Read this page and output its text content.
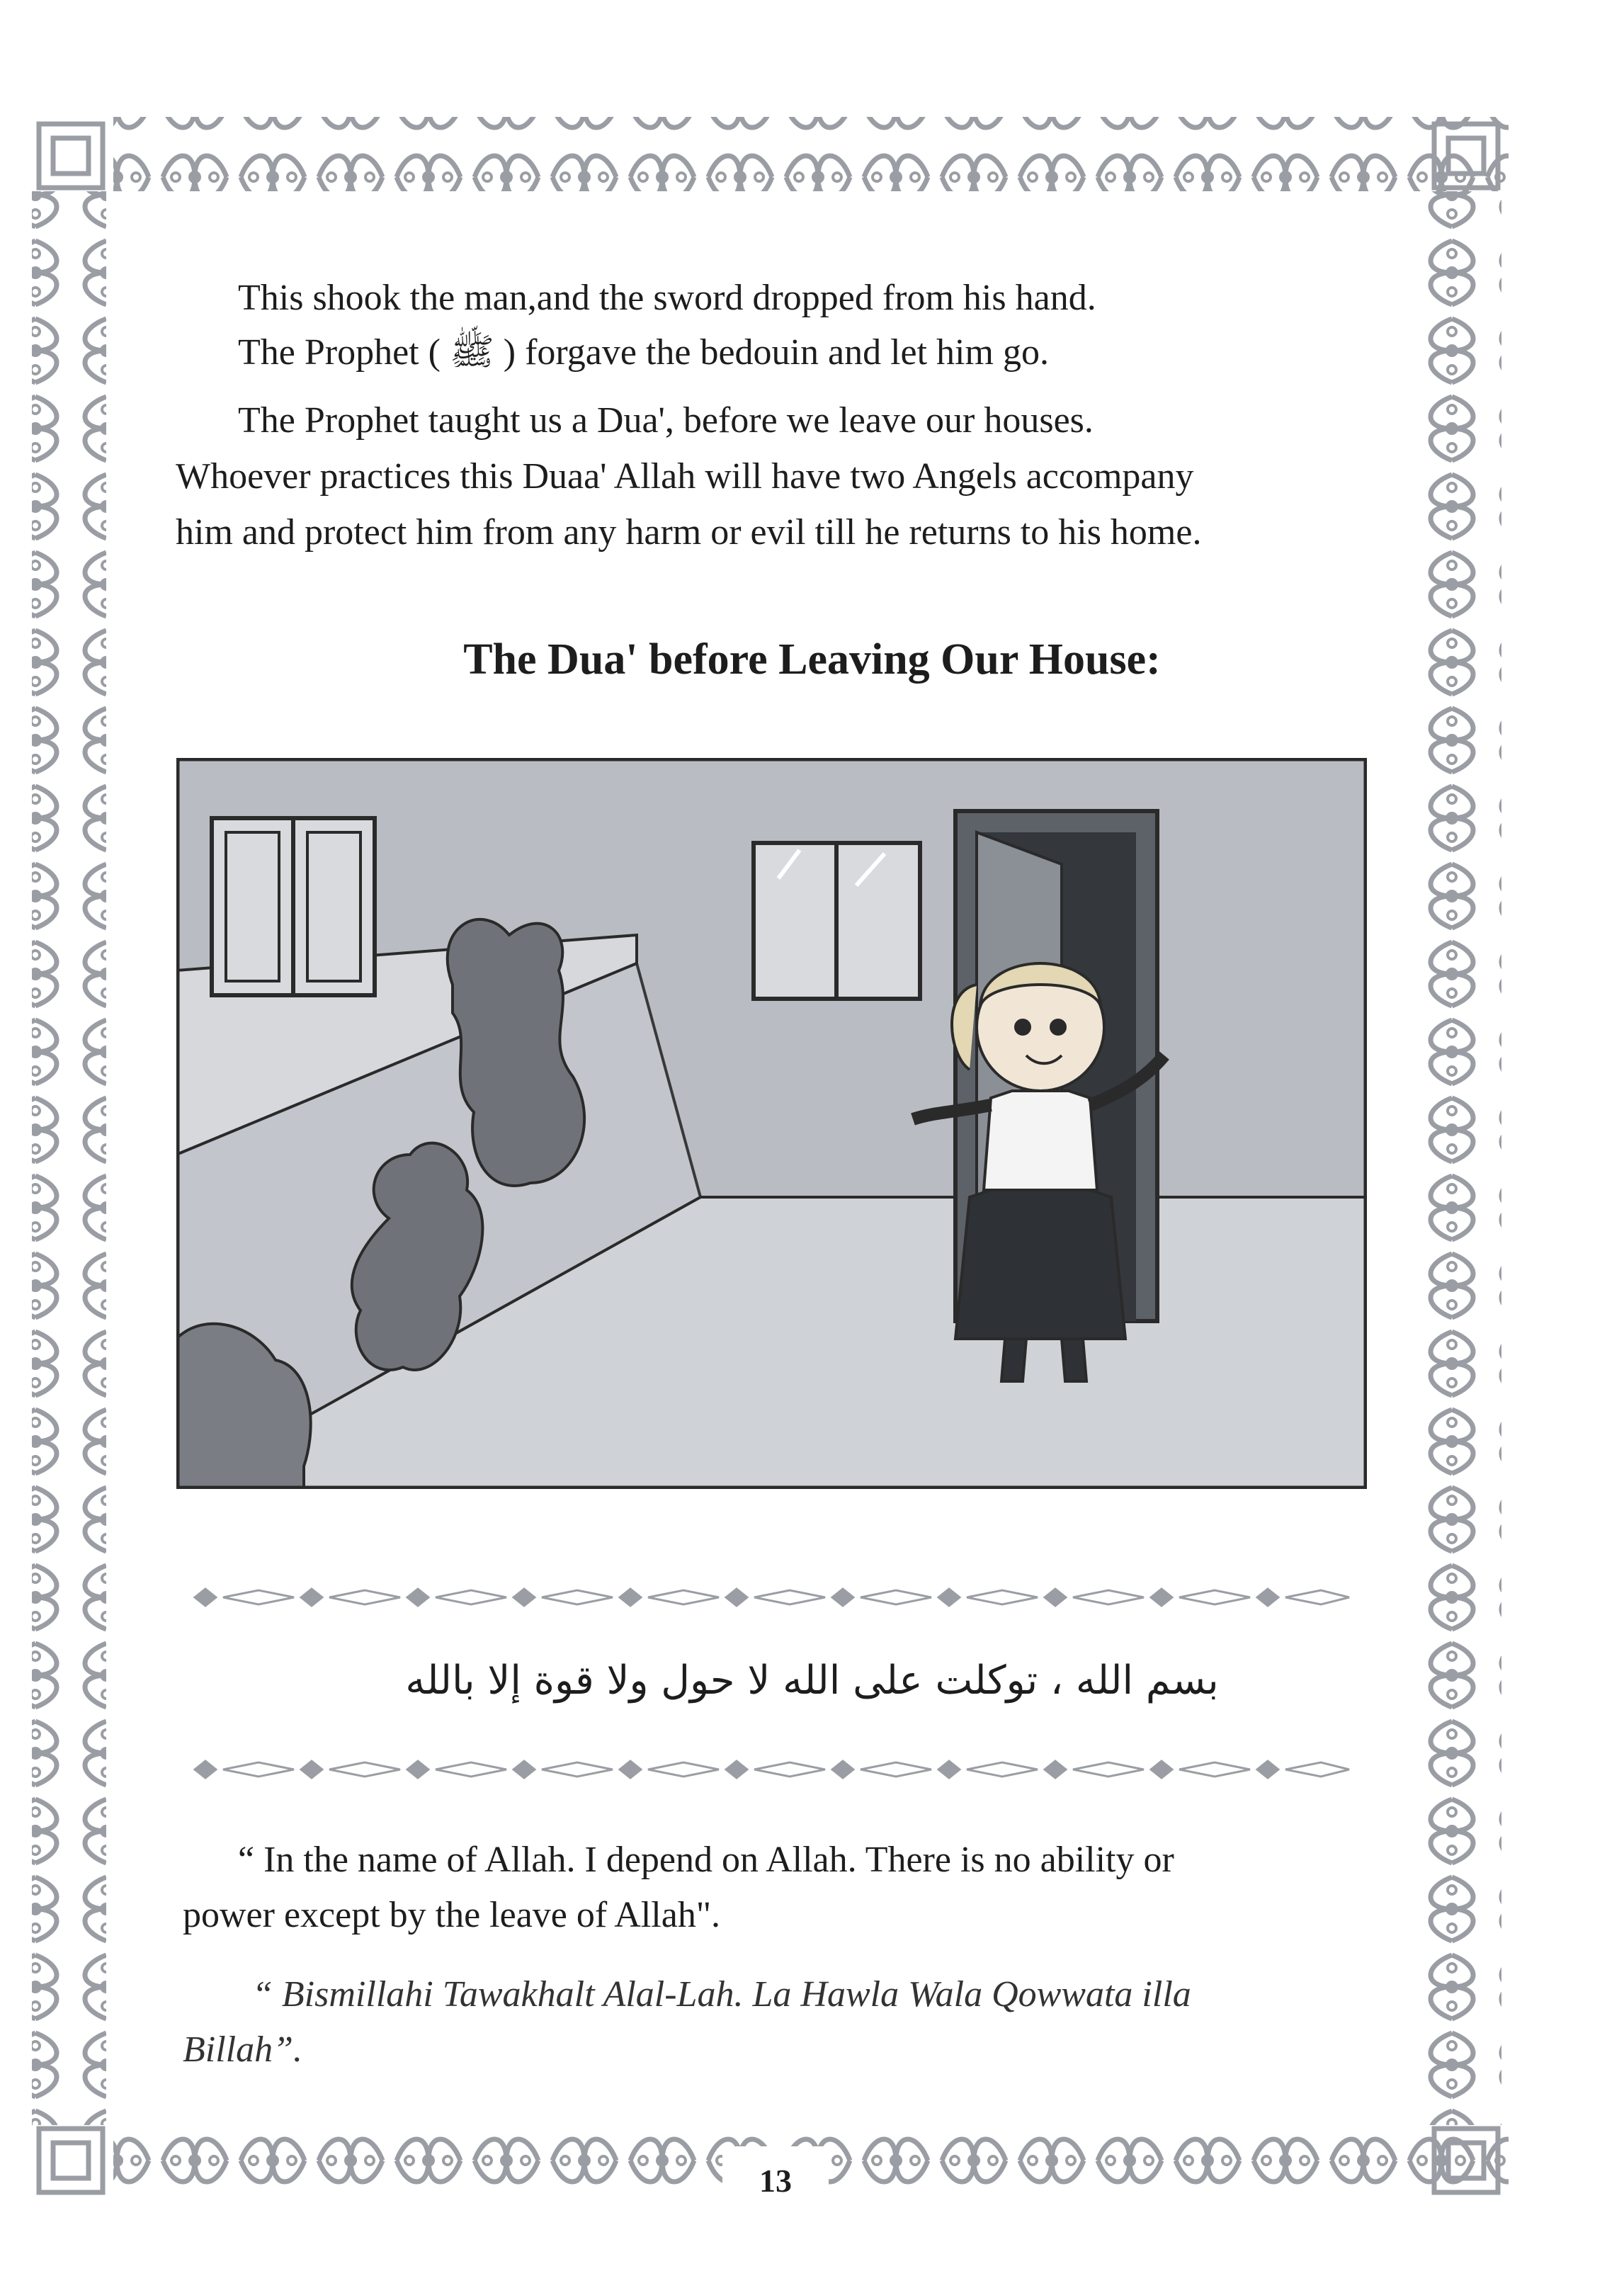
This shook the man,and the sword dropped from his hand.
The Prophet ( ﷺ ) forgave the bedouin and let him go.
The Prophet taught us a Dua', before we leave our houses.
Whoever practices this Duaa' Allah will have two Angels accompany
him and protect him from any harm or evil till he returns to his home.
The Dua' before Leaving Our House:
بسم الله ، توكلت على الله لا حول ولا قوة إلا بالله
“ In the name of Allah. I depend on Allah. There is no ability or
power except by the leave of Allah".
“ Bismillahi Tawakhalt Alal-Lah. La Hawla Wala Qowwata illa
Billah”.
13
